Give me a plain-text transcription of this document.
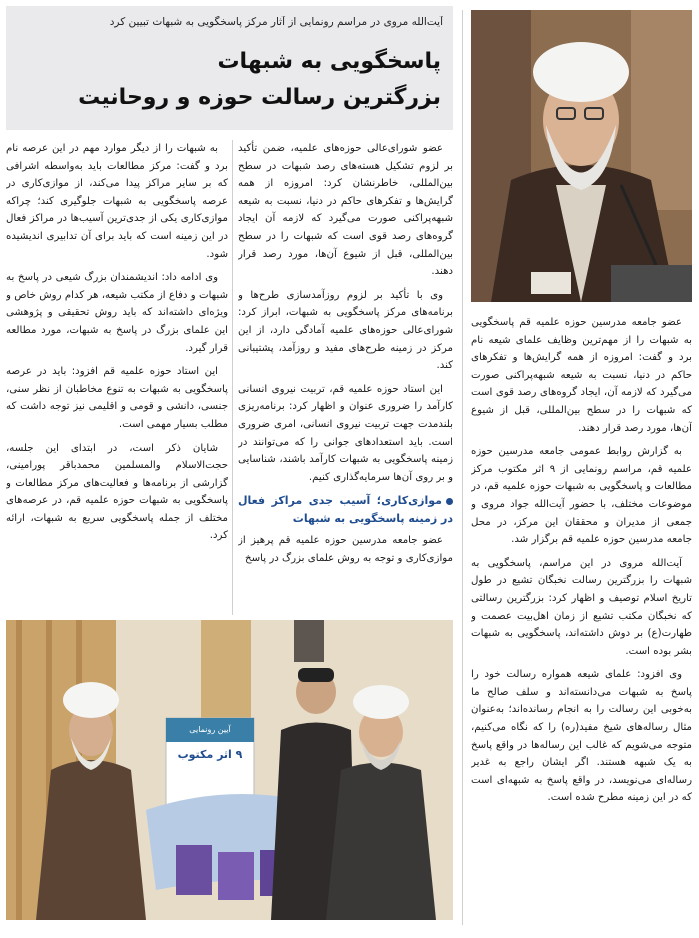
آیت‌الله مروی در مراسم رونمایی از آثار مرکز پاسخگویی به شبهات تبیین کرد
پاسخگویی به شبهات
بزرگترین رسالت حوزه و روحانیت
آیین رونمایی
۹ اثر مکتوب

عضو جامعه مدرسین حوزه علمیه قم پاسخگویی به شبهات را از مهم‌ترین وظایف علمای شیعه نام برد و گفت: امروزه از همه گرایش‌ها و تفکرهای حاکم در دنیا، نسبت به شیعه شبهه‌پراکنی صورت می‌گیرد که لازمه آن، ایجاد گروه‌های رصد قوی است که شبهات را در سطح بین‌المللی، قبل از شیوع آن‌ها، مورد رصد قرار دهند.

به گزارش روابط عمومی جامعه مدرسین حوزه علمیه قم، مراسم رونمایی از ۹ اثر مکتوب مرکز مطالعات و پاسخگویی به شبهات حوزه علمیه قم، در موضوعات مختلف، با حضور آیت‌الله جواد مروی و جمعی از مدیران و محققان این مرکز، در محل جامعه مدرسین حوزه علمیه قم برگزار شد.

آیت‌الله مروی در این مراسم، پاسخگویی به شبهات را بزرگترین رسالت نخبگان تشیع در طول تاریخ اسلام توصیف و اظهار کرد: بزرگترین رسالتی که نخبگان مکتب تشیع از زمان اهل‌بیت عصمت و طهارت(ع) بر دوش داشته‌اند، پاسخگویی به شبهات بشر بوده است.

وی افزود: علمای شیعه همواره رسالت خود را پاسخ به شبهات می‌دانسته‌اند و سلف صالح ما به‌خوبی این رسالت را به انجام رسانده‌اند؛ به‌عنوان مثال رساله‌های شیخ مفید(ره) را که نگاه می‌کنیم، متوجه می‌شویم که غالب این رساله‌ها در واقع پاسخ به یک شبهه هستند. اگر ایشان راجع به غدیر رساله‌ای می‌نویسد، در واقع پاسخ به شبهه‌ای است که در این زمینه مطرح شده است.

عضو شورای‌عالی حوزه‌های علمیه، ضمن تأکید بر لزوم تشکیل هسته‌های رصد شبهات در سطح بین‌المللی، خاطرنشان کرد: امروزه از همه گرایش‌ها و تفکرهای حاکم در دنیا، نسبت به شیعه شبهه‌پراکنی صورت می‌گیرد که لازمه آن ایجاد گروه‌های رصد قوی است که شبهات را در سطح بین‌المللی، قبل از شیوع آن‌ها، مورد رصد قرار دهند.

وی با تأکید بر لزوم روزآمدسازی طرح‌ها و برنامه‌های مرکز پاسخگویی به شبهات، ابراز کرد: شورای‌عالی حوزه‌های علمیه آمادگی دارد، از این مرکز در زمینه طرح‌های مفید و روزآمد، پشتیبانی کند.

این استاد حوزه علمیه قم، تربیت نیروی انسانی کارآمد را ضروری عنوان و اظهار کرد: برنامه‌ریزی بلندمدت جهت تربیت نیروی انسانی، امری ضروری است. باید استعدادهای جوانی را که می‌توانند در زمینه پاسخگویی به شبهات کارآمد باشند، شناسایی و بر روی آن‌ها سرمایه‌گذاری کنیم.

موازی‌کاری؛ آسیب جدی مراکز فعال در زمینه پاسخگویی به شبهات

عضو جامعه مدرسین حوزه علمیه قم پرهیز از موازی‌کاری و توجه به روش علمای بزرگ در پاسخ

به شبهات را از دیگر موارد مهم در این عرصه نام برد و گفت: مرکز مطالعات باید به‌واسطه اشرافی که بر سایر مراکز پیدا می‌کند، از موازی‌کاری در عرصه پاسخگویی به شبهات جلوگیری کند؛ چراکه موازی‌کاری یکی از جدی‌ترین آسیب‌ها در مراکز فعال در این زمینه است که باید برای آن تدابیری اندیشیده شود.

وی ادامه داد: اندیشمندان بزرگ شیعی در پاسخ به شبهات و دفاع از مکتب شیعه، هر کدام روش خاص و ویژه‌ای داشته‌اند که باید روش تحقیقی و پژوهشی این علمای بزرگ در پاسخ به شبهات، مورد مطالعه قرار گیرد.

این استاد حوزه علمیه قم افزود: باید در عرصه پاسخگویی به شبهات به تنوع مخاطبان از نظر سنی، جنسی، دانشی و قومی و اقلیمی نیز توجه داشت که مطلب بسیار مهمی است.

شایان ذکر است، در ابتدای این جلسه، حجت‌الاسلام والمسلمین محمدباقر پورامینی، گزارشی از برنامه‌ها و فعالیت‌های مرکز مطالعات و پاسخگویی به شبهات حوزه علمیه قم، در عرصه‌های مختلف از جمله پاسخگویی سریع به شبهات، ارائه کرد.
